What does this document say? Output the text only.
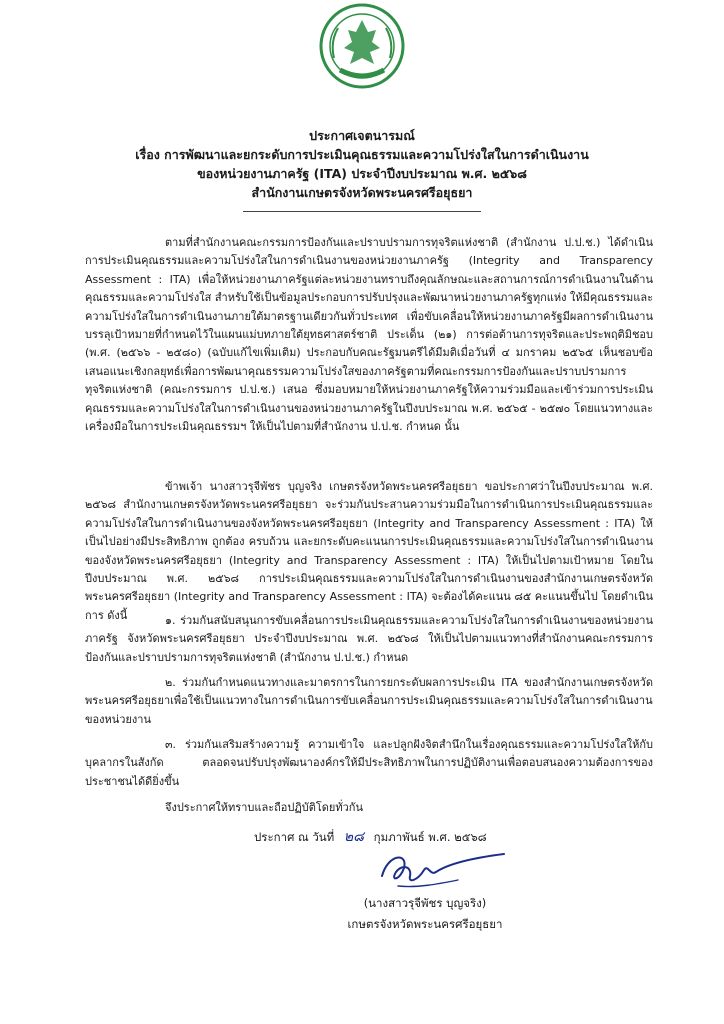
ประกาศเจตนารมณ์
เรื่อง การพัฒนาและยกระดับการประเมินคุณธรรมและความโปร่งใสในการดำเนินงาน
ของหน่วยงานภาครัฐ (ITA) ประจำปีงบประมาณ พ.ศ. ๒๕๖๘
สำนักงานเกษตรจังหวัดพระนครศรีอยุธยา

ตามที่สำนักงานคณะกรรมการป้องกันและปราบปรามการทุจริตแห่งชาติ (สำนักงาน ป.ป.ช.) ได้ดำเนินการประเมินคุณธรรมและความโปร่งใสในการดำเนินงานของหน่วยงานภาครัฐ (Integrity and Transparency Assessment : ITA) เพื่อให้หน่วยงานภาครัฐแต่ละหน่วยงานทราบถึงคุณลักษณะและสถานการณ์การดำเนินงานในด้านคุณธรรมและความโปร่งใส สำหรับใช้เป็นข้อมูลประกอบการปรับปรุงและพัฒนาหน่วยงานภาครัฐทุกแห่ง ให้มีคุณธรรมและความโปร่งใสในการดำเนินงานภายใต้มาตรฐานเดียวกันทั่วประเทศ เพื่อขับเคลื่อนให้หน่วยงานภาครัฐมีผลการดำเนินงานบรรลุเป้าหมายที่กำหนดไว้ในแผนแม่บทภายใต้ยุทธศาสตร์ชาติ ประเด็น (๒๑) การต่อต้านการทุจริตและประพฤติมิชอบ (พ.ศ. (๒๕๖๖ - ๒๕๘๐) (ฉบับแก้ไขเพิ่มเติม) ประกอบกับคณะรัฐมนตรีได้มีมติเมื่อวันที่ ๔ มกราคม ๒๕๖๕ เห็นชอบข้อเสนอแนะเชิงกลยุทธ์เพื่อการพัฒนาคุณธรรมความโปร่งใสของภาครัฐตามที่คณะกรรมการป้องกันและปราบปรามการทุจริตแห่งชาติ (คณะกรรมการ ป.ป.ช.) เสนอ ซึ่งมอบหมายให้หน่วยงานภาครัฐให้ความร่วมมือและเข้าร่วมการประเมินคุณธรรมและความโปร่งใสในการดำเนินงานของหน่วยงานภาครัฐในปีงบประมาณ พ.ศ. ๒๕๖๕ - ๒๕๗๐ โดยแนวทางและเครื่องมือในการประเมินคุณธรรมฯ ให้เป็นไปตามที่สำนักงาน ป.ป.ช. กำหนด นั้น

ข้าพเจ้า นางสาวรุจีพัชร บุญจริง เกษตรจังหวัดพระนครศรีอยุธยา ขอประกาศว่าในปีงบประมาณ พ.ศ. ๒๕๖๘ สำนักงานเกษตรจังหวัดพระนครศรีอยุธยา จะร่วมกันประสานความร่วมมือในการดำเนินการประเมินคุณธรรมและความโปร่งใสในการดำเนินงานของจังหวัดพระนครศรีอยุธยา (Integrity and Transparency Assessment : ITA) ให้เป็นไปอย่างมีประสิทธิภาพ ถูกต้อง ครบถ้วน และยกระดับคะแนนการประเมินคุณธรรมและความโปร่งใสในการดำเนินงานของจังหวัดพระนครศรีอยุธยา (Integrity and Transparency Assessment : ITA) ให้เป็นไปตามเป้าหมาย โดยในปีงบประมาณ พ.ศ. ๒๕๖๘ การประเมินคุณธรรมและความโปร่งใสในการดำเนินงานของสำนักงานเกษตรจังหวัดพระนครศรีอยุธยา (Integrity and Transparency Assessment : ITA) จะต้องได้คะแนน ๘๕ คะแนนขึ้นไป โดยดำเนินการ ดังนี้	๑. ร่วมกันสนับสนุนการขับเคลื่อนการประเมินคุณธรรมและความโปร่งใสในการดำเนินงานของหน่วยงานภาครัฐ จังหวัดพระนครศรีอยุธยา ประจำปีงบประมาณ พ.ศ. ๒๕๖๘ ให้เป็นไปตามแนวทางที่สำนักงานคณะกรรมการป้องกันและปราบปรามการทุจริตแห่งชาติ (สำนักงาน ป.ป.ช.) กำหนด

๒. ร่วมกันกำหนดแนวทางและมาตรการในการยกระดับผลการประเมิน ITA ของสำนักงานเกษตรจังหวัดพระนครศรีอยุธยาเพื่อใช้เป็นแนวทางในการดำเนินการขับเคลื่อนการประเมินคุณธรรมและความโปร่งใสในการดำเนินงานของหน่วยงาน

๓. ร่วมกันเสริมสร้างความรู้ ความเข้าใจ และปลูกฝังจิตสำนึกในเรื่องคุณธรรมและความโปร่งใสให้กับบุคลากรในสังกัด ตลอดจนปรับปรุงพัฒนาองค์กรให้มีประสิทธิภาพในการปฏิบัติงานเพื่อตอบสนองความต้องการของประชาชนได้ดียิ่งขึ้น

จึงประกาศให้ทราบและถือปฏิบัติโดยทั่วกัน
ประกาศ ณ วันที่ ๒๘ กุมภาพันธ์ พ.ศ. ๒๕๖๘
(นางสาวรุจีพัชร บุญจริง)
เกษตรจังหวัดพระนครศรีอยุธยา
